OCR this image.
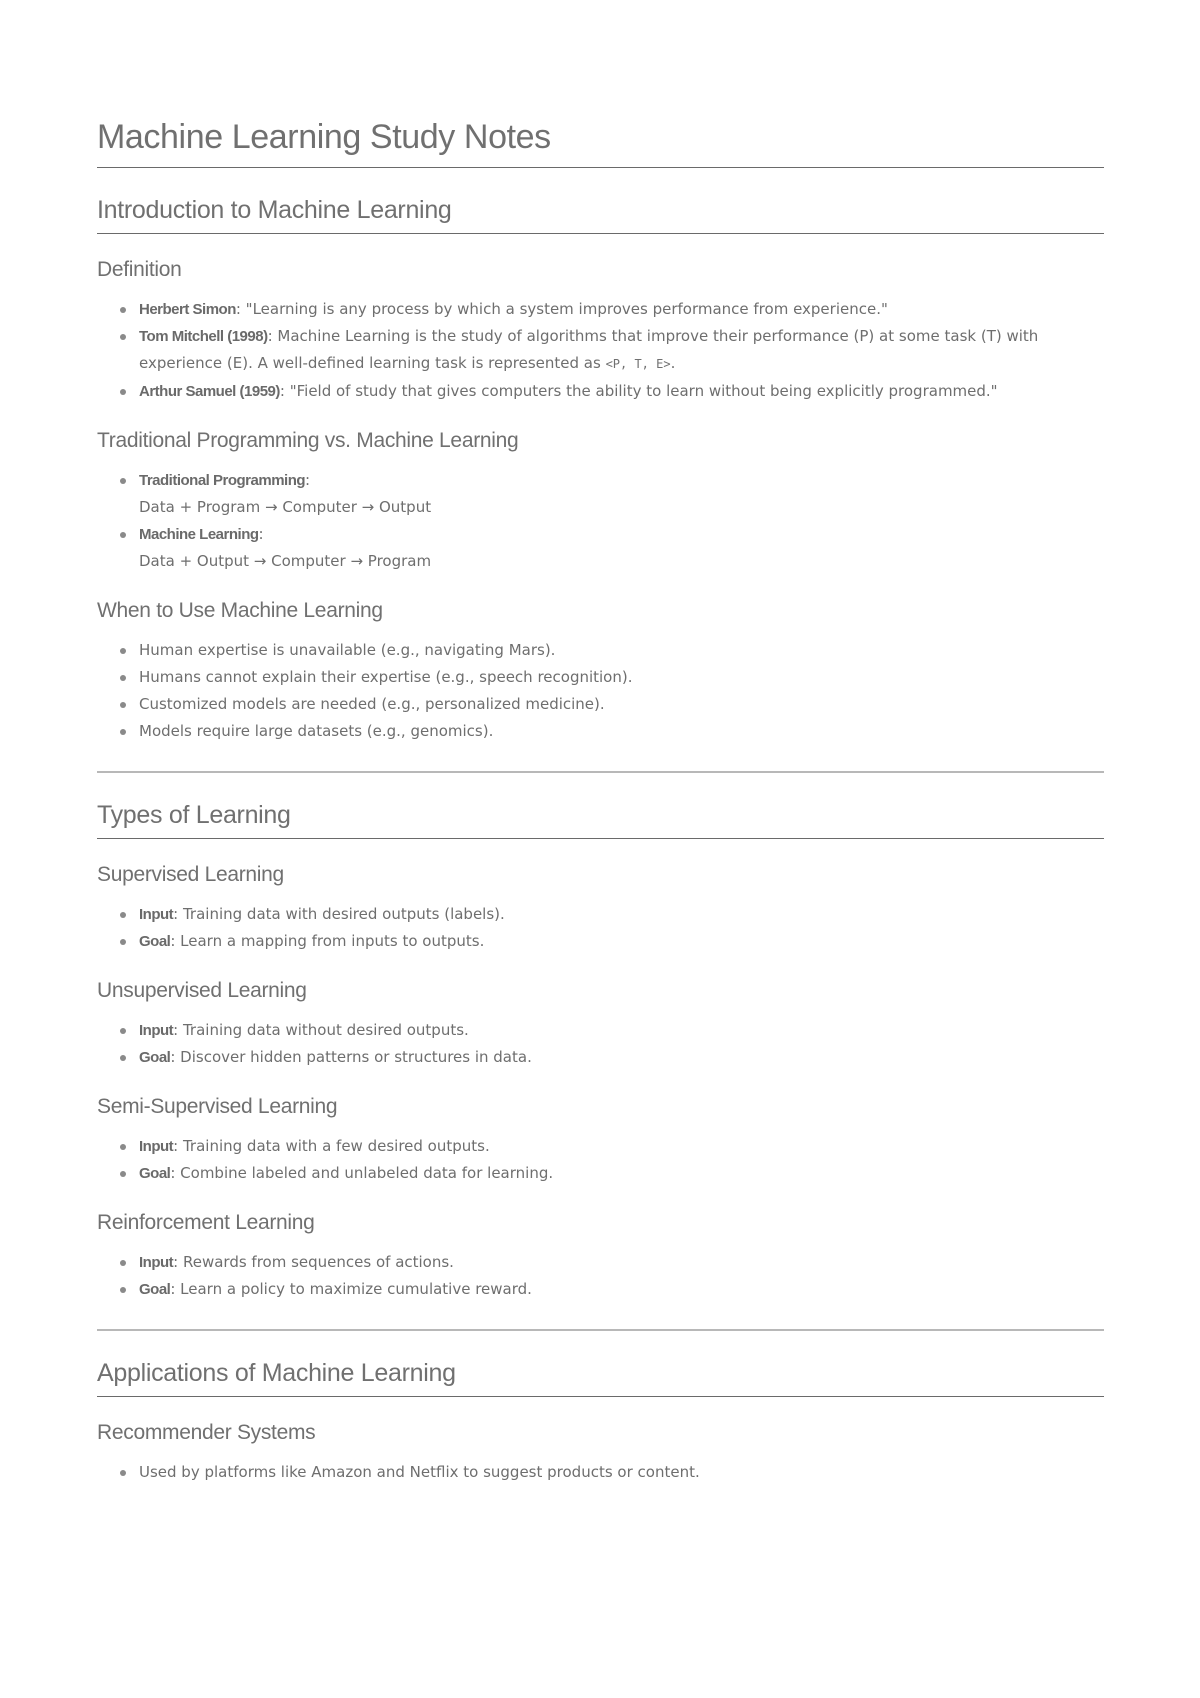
Machine Learning Study Notes
Introduction to Machine Learning
Definition
Herbert Simon: "Learning is any process by which a system improves performance from experience."
Tom Mitchell (1998): Machine Learning is the study of algorithms that improve their performance (P) at some task (T) with experience (E). A well-defined learning task is represented as <P, T, E>.
Arthur Samuel (1959): "Field of study that gives computers the ability to learn without being explicitly programmed."
Traditional Programming vs. Machine Learning
Traditional Programming:
Data + Program → Computer → Output
Machine Learning:
Data + Output → Computer → Program
When to Use Machine Learning
Human expertise is unavailable (e.g., navigating Mars).
Humans cannot explain their expertise (e.g., speech recognition).
Customized models are needed (e.g., personalized medicine).
Models require large datasets (e.g., genomics).
Types of Learning
Supervised Learning
Input: Training data with desired outputs (labels).
Goal: Learn a mapping from inputs to outputs.
Unsupervised Learning
Input: Training data without desired outputs.
Goal: Discover hidden patterns or structures in data.
Semi-Supervised Learning
Input: Training data with a few desired outputs.
Goal: Combine labeled and unlabeled data for learning.
Reinforcement Learning
Input: Rewards from sequences of actions.
Goal: Learn a policy to maximize cumulative reward.
Applications of Machine Learning
Recommender Systems
Used by platforms like Amazon and Netflix to suggest products or content.
